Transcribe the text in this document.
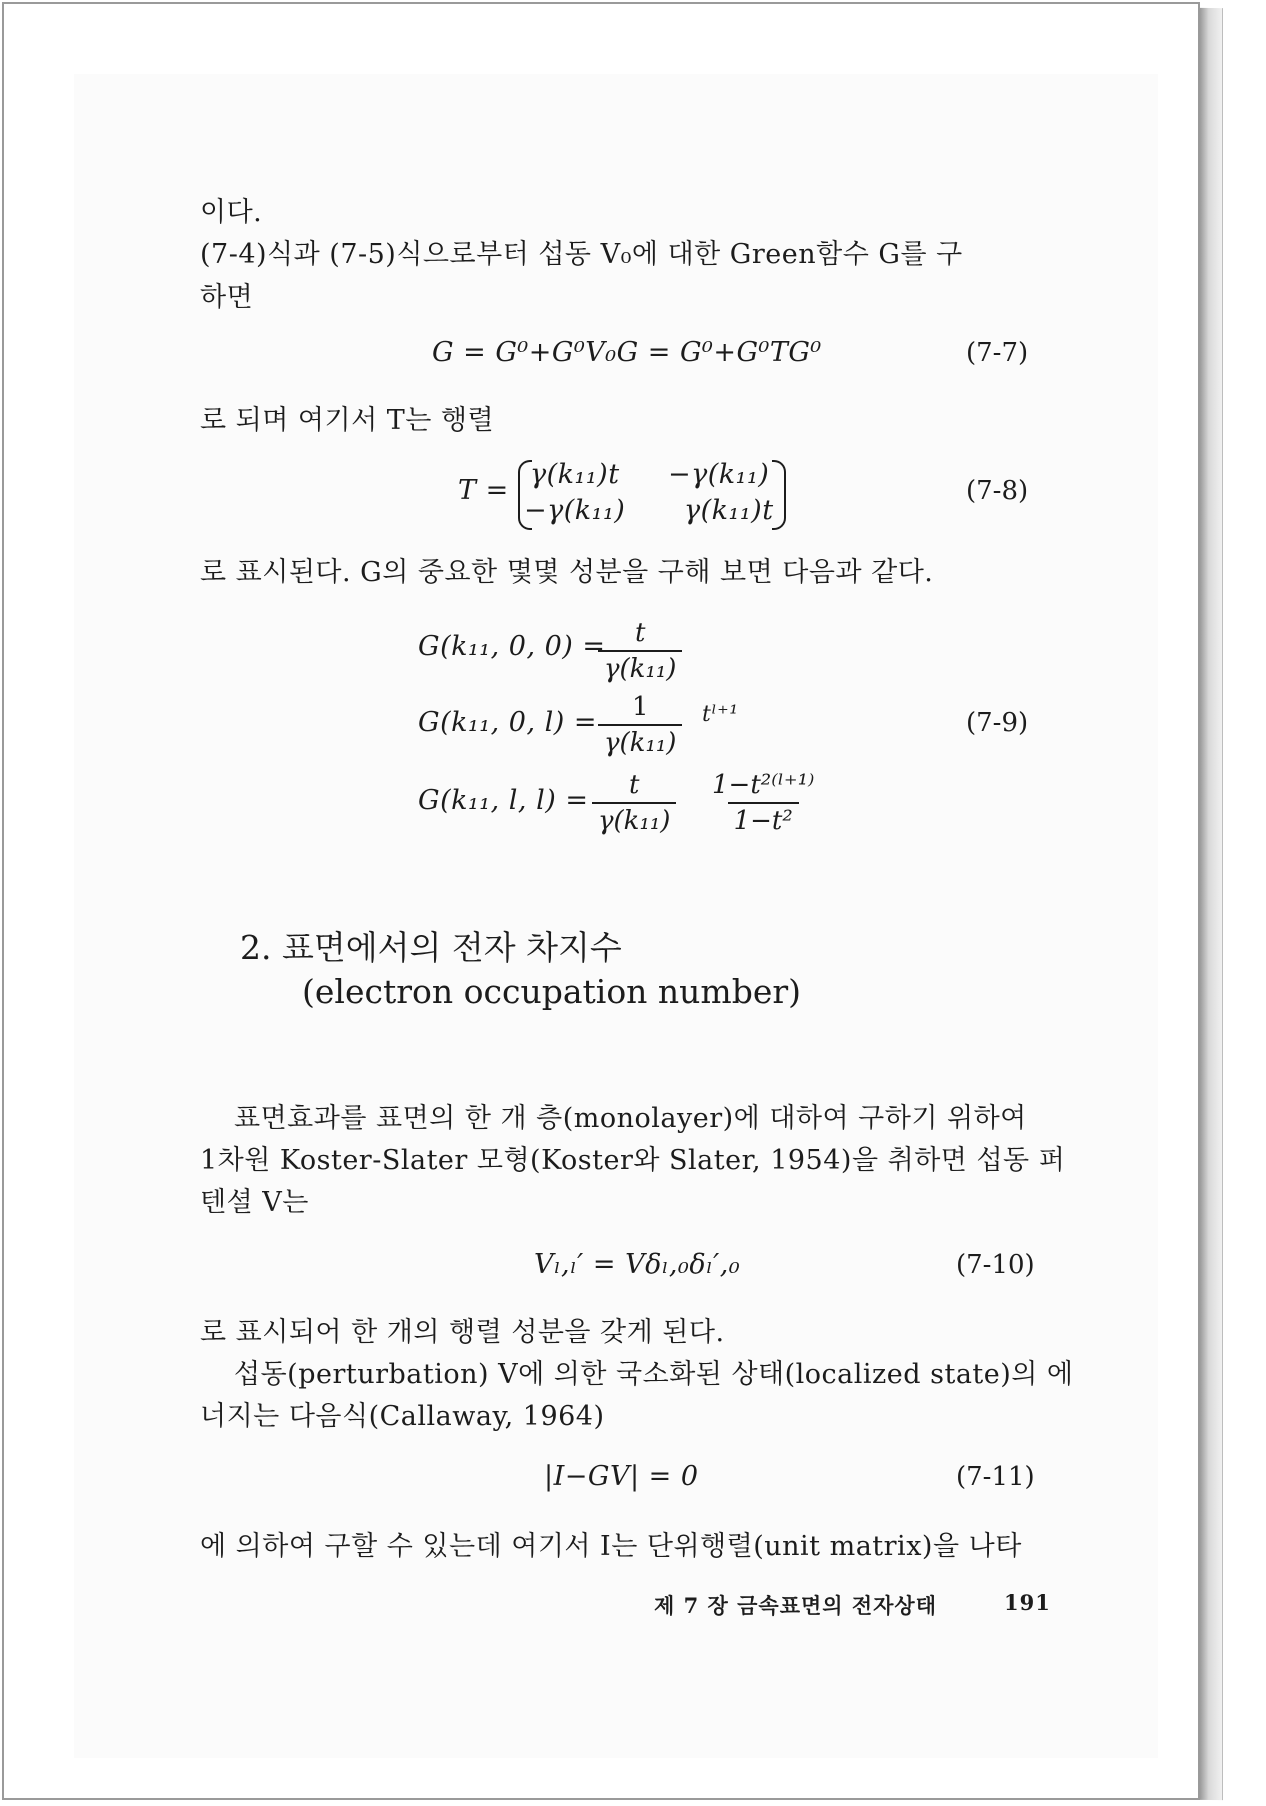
이다.
(7-4)식과 (7-5)식으로부터 섭동 V₀에 대한 Green함수 G를 구
하면
G = G⁰+G⁰V₀G = G⁰+G⁰TG⁰	(7-7)
로 되며 여기서 T는 행렬
T =
γ(k₁₁)t −γ(k₁₁)
−γ(k₁₁) γ(k₁₁)t
(7-8)
로 표시된다. G의 중요한 몇몇 성분을 구해 보면 다음과 같다.
G(k₁₁, 0, 0) =
$\frac{t}{\text{γ(k₁₁)}}$
G(k₁₁, 0, $l) = \frac{1}{\text{γ(k₁₁)}}$ tˡ⁺¹	(7-9)
G(k₁₁, l, $l) = \frac{t}{\text{γ(k₁₁)}} \frac{\text{1−t²⁽ˡ⁺¹⁾}}{\text{1−t²}}$
2. 표면에서의 전자 차지수
(electron occupation number)
표면효과를 표면의 한 개 층(monolayer)에 대하여 구하기 위하여
1차원 Koster-Slater 모형(Koster와 Slater, 1954)을 취하면 섭동 퍼
텐셜 V는
Vₗ,ₗ′ = Vδₗ,₀δₗ′,₀	(7-10)
로 표시되어 한 개의 행렬 성분을 갖게 된다.
섭동(perturbation) V에 의한 국소화된 상태(localized state)의 에
너지는 다음식(Callaway, 1964)
|I−GV| = 0	(7-11)
에 의하여 구할 수 있는데 여기서 I는 단위행렬(unit matrix)을 나타
제 7 장 금속표면의 전자상태	191
